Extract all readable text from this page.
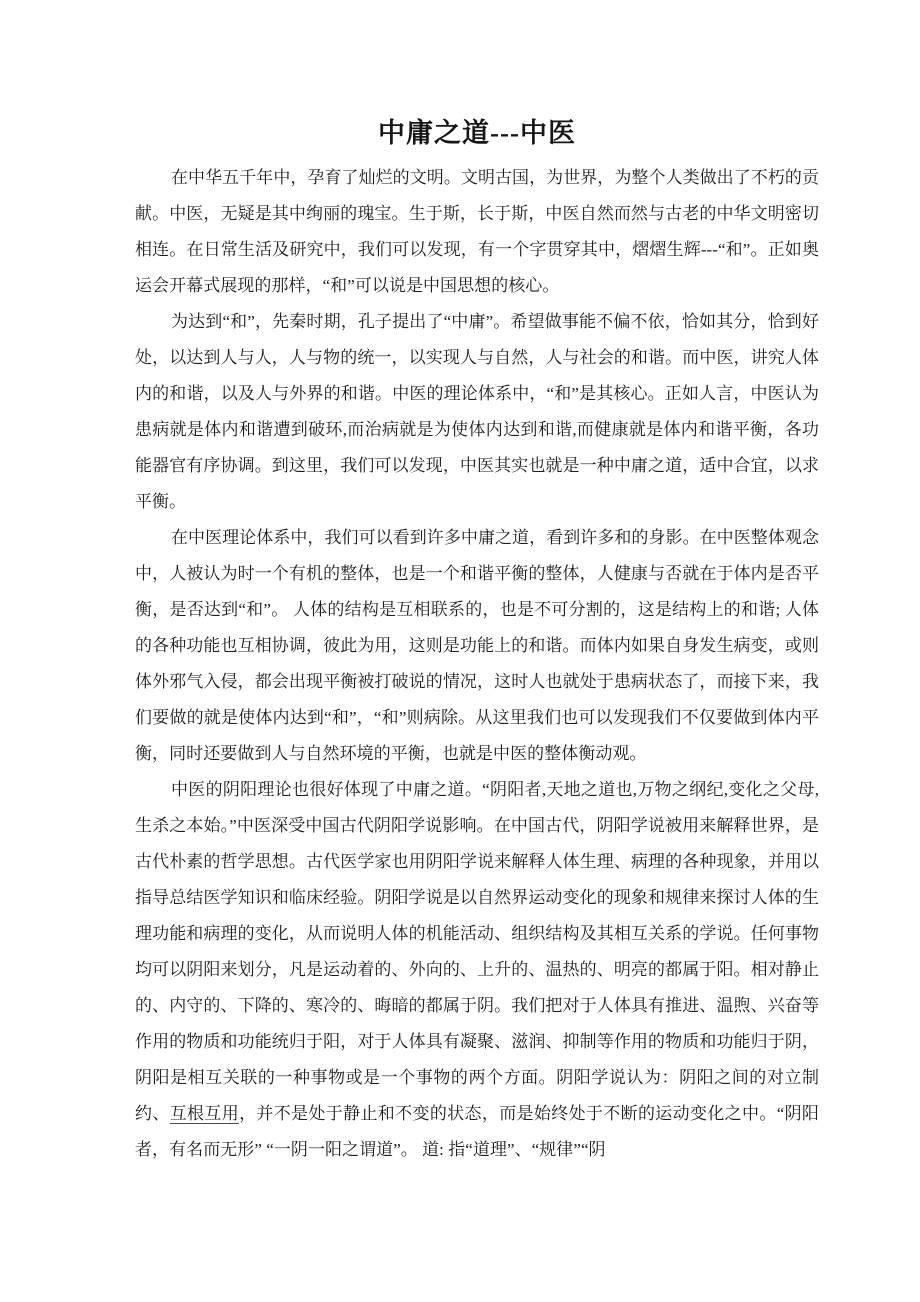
中庸之道---中医

在中华五千年中，孕育了灿烂的文明。文明古国，为世界，为整个人类做出了不朽的贡献。中医，无疑是其中绚丽的瑰宝。生于斯，长于斯，中医自然而然与古老的中华文明密切相连。在日常生活及研究中，我们可以发现，有一个字贯穿其中，熠熠生辉---“和”。正如奥运会开幕式展现的那样，“和”可以说是中国思想的核心。

为达到“和”，先秦时期，孔子提出了“中庸”。希望做事能不偏不依，恰如其分，恰到好处，以达到人与人，人与物的统一，以实现人与自然，人与社会的和谐。而中医，讲究人体内的和谐，以及人与外界的和谐。中医的理论体系中，“和”是其核心。正如人言，中医认为患病就是体内和谐遭到破环,而治病就是为使体内达到和谐,而健康就是体内和谐平衡，各功能器官有序协调。到这里，我们可以发现，中医其实也就是一种中庸之道，适中合宜，以求平衡。

在中医理论体系中，我们可以看到许多中庸之道，看到许多和的身影。在中医整体观念中，人被认为时一个有机的整体，也是一个和谐平衡的整体，人健康与否就在于体内是否平衡，是否达到“和”。 人体的结构是互相联系的，也是不可分割的，这是结构上的和谐; 人体的各种功能也互相协调，彼此为用，这则是功能上的和谐。而体内如果自身发生病变，或则体外邪气入侵，都会出现平衡被打破说的情况，这时人也就处于患病状态了，而接下来，我们要做的就是使体内达到“和”，“和”则病除。从这里我们也可以发现我们不仅要做到体内平衡，同时还要做到人与自然环境的平衡，也就是中医的整体衡动观。

中医的阴阳理论也很好体现了中庸之道。“阴阳者,天地之道也,万物之纲纪,变化之父母,生杀之本始。”中医深受中国古代阴阳学说影响。在中国古代，阴阳学说被用来解释世界，是古代朴素的哲学思想。古代医学家也用阴阳学说来解释人体生理、病理的各种现象，并用以指导总结医学知识和临床经验。阴阳学说是以自然界运动变化的现象和规律来探讨人体的生理功能和病理的变化，从而说明人体的机能活动、组织结构及其相互关系的学说。任何事物均可以阴阳来划分，凡是运动着的、外向的、上升的、温热的、明亮的都属于阳。相对静止的、内守的、下降的、寒冷的、晦暗的都属于阴。我们把对于人体具有推进、温煦、兴奋等作用的物质和功能统归于阳，对于人体具有凝聚、滋润、抑制等作用的物质和功能归于阴，阴阳是相互关联的一种事物或是一个事物的两个方面。阴阳学说认为：阴阳之间的对立制约、互根互用，并不是处于静止和不变的状态，而是始终处于不断的运动变化之中。“阴阳者，有名而无形” “一阴一阳之谓道”。 道: 指“道理”、“规律”“阴
